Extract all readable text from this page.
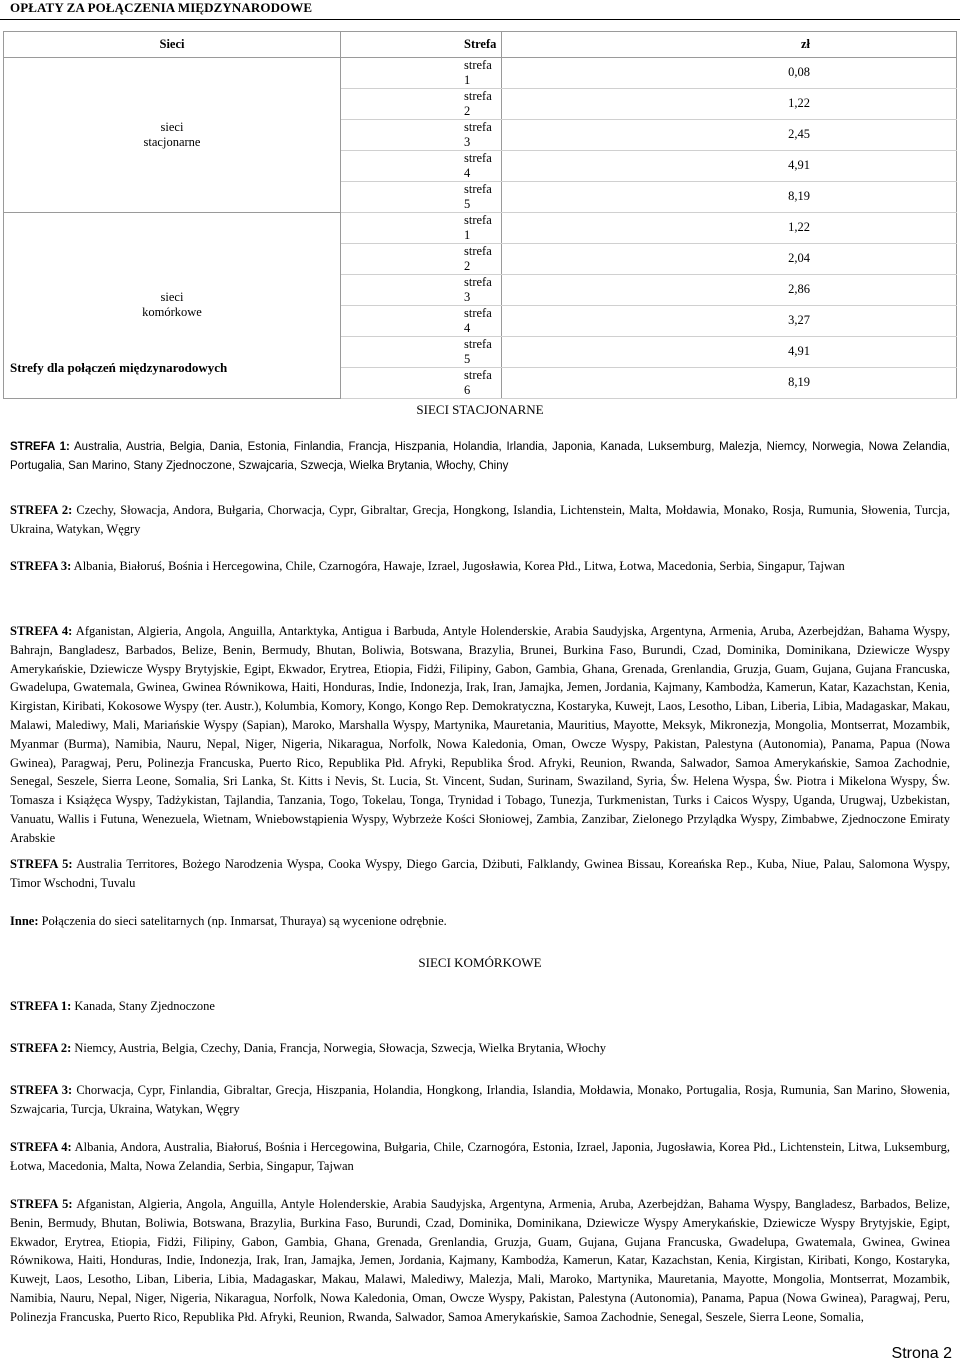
OPŁATY ZA POŁĄCZENIA MIĘDZYNARODOWE
Sieci	Strefa	zł
sieci
stacjonarne	strefa 1	0,08
	strefa 2	1,22
	strefa 3	2,45
	strefa 4	4,91
	strefa 5	8,19
sieci
komórkowe	strefa 1	1,22
	strefa 2	2,04
	strefa 3	2,86
	strefa 4	3,27
	strefa 5	4,91
	strefa 6	8,19
Strefy dla połączeń międzynarodowych
SIECI STACJONARNE
STREFA 1: Australia, Austria, Belgia, Dania, Estonia, Finlandia, Francja, Hiszpania, Holandia, Irlandia, Japonia, Kanada, Luksemburg, Malezja, Niemcy, Norwegia, Nowa Zelandia, Portugalia, San Marino, Stany Zjednoczone, Szwajcaria, Szwecja, Wielka Brytania, Włochy, Chiny
STREFA 2: Czechy, Słowacja, Andora, Bułgaria, Chorwacja, Cypr, Gibraltar, Grecja, Hongkong, Islandia, Lichtenstein, Malta, Mołdawia, Monako, Rosja, Rumunia, Słowenia, Turcja, Ukraina, Watykan, Węgry
STREFA 3: Albania, Białoruś, Bośnia i Hercegowina, Chile, Czarnogóra, Hawaje, Izrael, Jugosławia, Korea Płd., Litwa, Łotwa, Macedonia, Serbia, Singapur, Tajwan
STREFA 4: Afganistan, Algieria, Angola, Anguilla, Antarktyka, Antigua i Barbuda, Antyle Holenderskie, Arabia Saudyjska, Argentyna, Armenia, Aruba, Azerbejdżan, Bahama Wyspy, Bahrajn, Bangladesz, Barbados, Belize, Benin, Bermudy, Bhutan, Boliwia, Botswana, Brazylia, Brunei, Burkina Faso, Burundi, Czad, Dominika, Dominikana, Dziewicze Wyspy Amerykańskie, Dziewicze Wyspy Brytyjskie, Egipt, Ekwador, Erytrea, Etiopia, Fidżi, Filipiny, Gabon, Gambia, Ghana, Grenada, Grenlandia, Gruzja, Guam, Gujana, Gujana Francuska, Gwadelupa, Gwatemala, Gwinea, Gwinea Równikowa, Haiti, Honduras, Indie, Indonezja, Irak, Iran, Jamajka, Jemen, Jordania, Kajmany, Kambodża, Kamerun, Katar, Kazachstan, Kenia, Kirgistan, Kiribati, Kokosowe Wyspy (ter. Austr.), Kolumbia, Komory, Kongo, Kongo Rep. Demokratyczna, Kostaryka, Kuwejt, Laos, Lesotho, Liban, Liberia, Libia, Madagaskar, Makau, Malawi, Malediwy, Mali, Mariańskie Wyspy (Sapian), Maroko, Marshalla Wyspy, Martynika, Mauretania, Mauritius, Mayotte, Meksyk, Mikronezja, Mongolia, Montserrat, Mozambik, Myanmar (Burma), Namibia, Nauru, Nepal, Niger, Nigeria, Nikaragua, Norfolk, Nowa Kaledonia, Oman, Owcze Wyspy, Pakistan, Palestyna (Autonomia), Panama, Papua (Nowa Gwinea), Paragwaj, Peru, Polinezja Francuska, Puerto Rico, Republika Płd. Afryki, Republika Środ. Afryki, Reunion, Rwanda, Salwador, Samoa Amerykańskie, Samoa Zachodnie, Senegal, Seszele, Sierra Leone, Somalia, Sri Lanka, St. Kitts i Nevis, St. Lucia, St. Vincent, Sudan, Surinam, Swaziland, Syria, Św. Helena Wyspa, Św. Piotra i Mikelona Wyspy, Św. Tomasza i Książęca Wyspy, Tadżykistan, Tajlandia, Tanzania, Togo, Tokelau, Tonga, Trynidad i Tobago, Tunezja, Turkmenistan, Turks i Caicos Wyspy, Uganda, Urugwaj, Uzbekistan, Vanuatu, Wallis i Futuna, Wenezuela, Wietnam, Wniebowstąpienia Wyspy, Wybrzeże Kości Słoniowej, Zambia, Zanzibar, Zielonego Przylądka Wyspy, Zimbabwe, Zjednoczone Emiraty Arabskie
STREFA 5: Australia Territores, Bożego Narodzenia Wyspa, Cooka Wyspy, Diego Garcia, Dżibuti, Falklandy, Gwinea Bissau, Koreańska Rep., Kuba, Niue, Palau, Salomona Wyspy, Timor Wschodni, Tuvalu
Inne: Połączenia do sieci satelitarnych (np. Inmarsat, Thuraya) są wycenione odrębnie.
SIECI KOMÓRKOWE
STREFA 1: Kanada, Stany Zjednoczone
STREFA 2: Niemcy, Austria, Belgia, Czechy, Dania, Francja, Norwegia, Słowacja, Szwecja, Wielka Brytania, Włochy
STREFA 3: Chorwacja, Cypr, Finlandia, Gibraltar, Grecja, Hiszpania, Holandia, Hongkong, Irlandia, Islandia, Mołdawia, Monako, Portugalia, Rosja, Rumunia, San Marino, Słowenia, Szwajcaria, Turcja, Ukraina, Watykan, Węgry
STREFA 4: Albania, Andora, Australia, Białoruś, Bośnia i Hercegowina, Bułgaria, Chile, Czarnogóra, Estonia, Izrael, Japonia, Jugosławia, Korea Płd., Lichtenstein, Litwa, Luksemburg, Łotwa, Macedonia, Malta, Nowa Zelandia, Serbia, Singapur, Tajwan
STREFA 5: Afganistan, Algieria, Angola, Anguilla, Antyle Holenderskie, Arabia Saudyjska, Argentyna, Armenia, Aruba, Azerbejdżan, Bahama Wyspy, Bangladesz, Barbados, Belize, Benin, Bermudy, Bhutan, Boliwia, Botswana, Brazylia, Burkina Faso, Burundi, Czad, Dominika, Dominikana, Dziewicze Wyspy Amerykańskie, Dziewicze Wyspy Brytyjskie, Egipt, Ekwador, Erytrea, Etiopia, Fidżi, Filipiny, Gabon, Gambia, Ghana, Grenada, Grenlandia, Gruzja, Guam, Gujana, Gujana Francuska, Gwadelupa, Gwatemala, Gwinea, Gwinea Równikowa, Haiti, Honduras, Indie, Indonezja, Irak, Iran, Jamajka, Jemen, Jordania, Kajmany, Kambodża, Kamerun, Katar, Kazachstan, Kenia, Kirgistan, Kiribati, Kongo, Kostaryka, Kuwejt, Laos, Lesotho, Liban, Liberia, Libia, Madagaskar, Makau, Malawi, Malediwy, Malezja, Mali, Maroko, Martynika, Mauretania, Mayotte, Mongolia, Montserrat, Mozambik, Namibia, Nauru, Nepal, Niger, Nigeria, Nikaragua, Norfolk, Nowa Kaledonia, Oman, Owcze Wyspy, Pakistan, Palestyna (Autonomia), Panama, Papua (Nowa Gwinea), Paragwaj, Peru, Polinezja Francuska, Puerto Rico, Republika Płd. Afryki, Reunion, Rwanda, Salwador, Samoa Amerykańskie, Samoa Zachodnie, Senegal, Seszele, Sierra Leone, Somalia,
Strona 2
